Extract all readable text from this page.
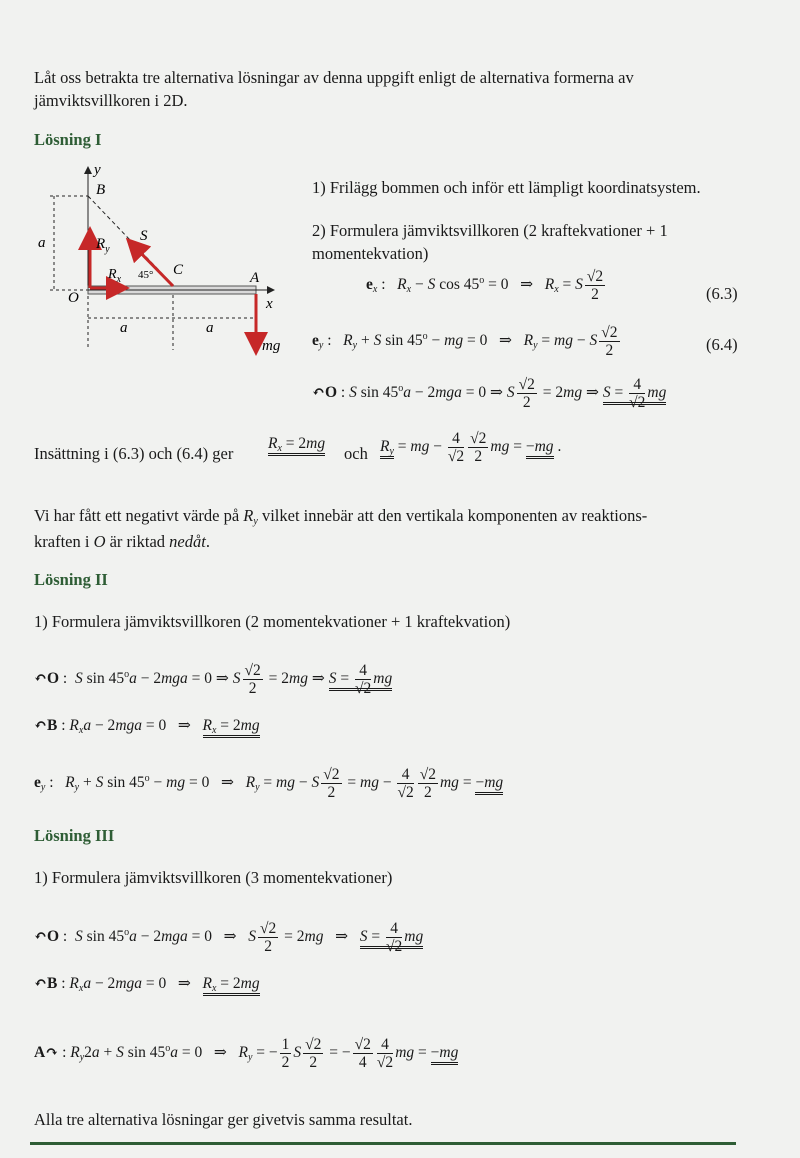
Låt oss betrakta tre alternativa lösningar av denna uppgift enligt de alternativa formerna av jämviktsvillkoren i 2D.
Lösning I
y
B
a
a	a
x
O
A
C
$R_y$
$R_x$ 45°
S
mg
1) Frilägg bommen och inför ett lämpligt koordinatsystem.
2) Formulera jämviktsvillkoren (2 kraftekvationer + 1 momentekvation)
$e_x$ :   $R_x - S$ $\cos 45^o = 0$   ⇒   $R_x = S \frac{√2}{2}$	(6.3)
$e_y$ :   $R_y + S$ $\sin 45^o$ − mg = 0   ⇒   $R_y$ = mg − S $\frac{√2}{2}$	(6.4)
↶O : S $\sin 45^oa - 2mga = 0$ ⇒ S $\frac{√2}{2} = 2mg$ ⇒ $S = \frac{4}{√2}$ mg
Insättning i (6.3) och (6.4) ger
$R_x = 2mg$
och $R_y$ = mg − $\frac{4}{√2} \frac{√2}{2}$ mg = −mg .
Vi har fått ett negativt värde på $R_y$ vilket innebär att den vertikala komponenten av reaktions-
kraften i O är riktad nedåt.
Lösning II
1) Formulera jämviktsvillkoren (2 momentekvationer + 1 kraftekvation)
↶O :  S $\sin 45^oa - 2mga = 0$ ⇒ S $\frac{√2}{2} = 2mg$ ⇒ $S = \frac{4}{√2}$ mg
↶B : $R_xa - 2mga = 0$   ⇒   $R_x = 2mg$
$e_y$ :   $R_y + S$ $\sin 45^o$ − mg = 0   ⇒   $R_y$ = mg − S $\frac{√2}{2}$ = mg − $\frac{4}{√2} \frac{√2}{2}$ mg = −mg
Lösning III
1) Formulera jämviktsvillkoren (3 momentekvationer)
↶O :  S $\sin 45^oa - 2mga = 0$   ⇒   S $\frac{√2}{2} = 2mg$   ⇒   $S = \frac{4}{√2}$ mg
↶B : $R_xa - 2mga = 0$   ⇒   $R_x = 2mg$
A↷ : $R_y2a + S$ $\sin 45^oa = 0$   ⇒   $R_y$ = − $\frac{1}{2}$ S $\frac{√2}{2}$ = − $\frac{√2}{4} \frac{4}{√2}$ mg = −mg
Alla tre alternativa lösningar ger givetvis samma resultat.
